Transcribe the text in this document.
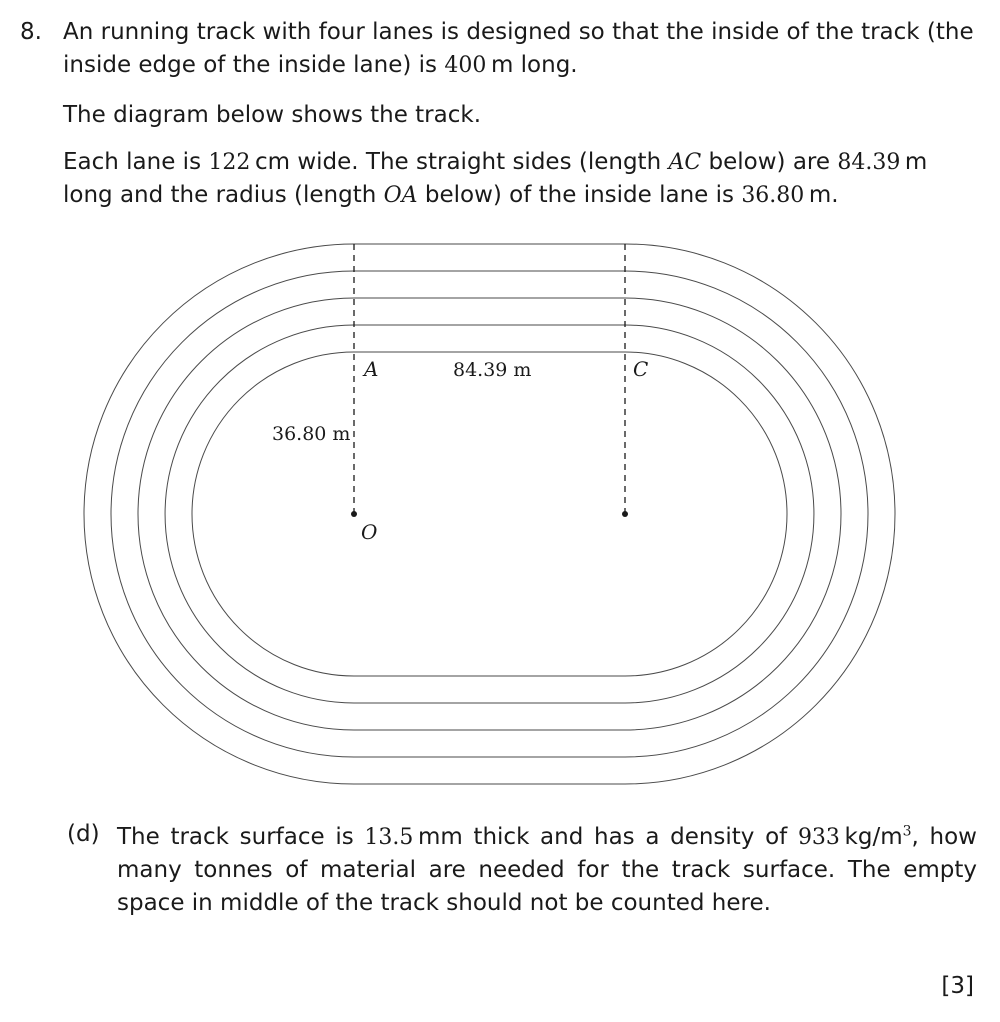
8. An running track with four lanes is designed so that the inside of the track (the inside edge of the inside lane) is 400  m long.
The diagram below shows the track.
Each lane is 122  cm wide. The straight sides (length AC below) are 84.39  m long and the radius (length OA below) of the inside lane is 36.80  m.
A	84.39 m	C
36.80 m
O
(d) The track surface is 13.5  mm thick and has a density of 933  $kg/m^3$, how many tonnes of material are needed for the track surface. The empty space in middle of the track should not be counted here.
[3]
